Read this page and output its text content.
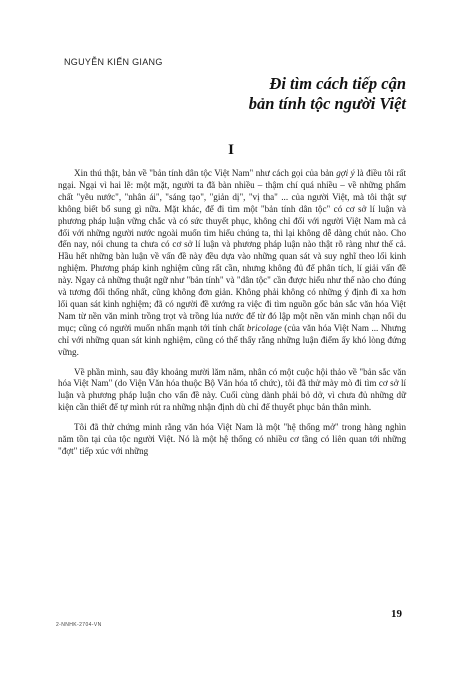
NGUYỄN KIẾN GIANG
Đi tìm cách tiếp cận
bản tính tộc người Việt
I

Xin thú thật, bản về "bản tính dân tộc Việt Nam" như cách gọi của bản gợi ý là điều tôi rất ngại. Ngại vì hai lẽ: một mặt, người ta đã bàn nhiều – thậm chí quá nhiều – về những phẩm chất "yêu nước", "nhân ái", "sáng tạo", "giản dị", "vị tha" ... của người Việt, mà tôi thật sự không biết bổ sung gì nữa. Mặt khác, để đi tìm một "bản tính dân tộc" có cơ sở lí luận và phương pháp luận vững chắc và có sức thuyết phục, không chỉ đối với người Việt Nam mà cả đối với những người nước ngoài muốn tìm hiểu chúng ta, thì lại không dễ dàng chút nào. Cho đến nay, nói chung ta chưa có cơ sở lí luận và phương pháp luận nào thật rõ ràng như thế cả. Hầu hết những bàn luận về vấn đề này đều dựa vào những quan sát và suy nghĩ theo lối kinh nghiệm. Phương pháp kinh nghiệm cũng rất cần, nhưng không đủ để phân tích, lí giải vấn đề này. Ngay cả những thuật ngữ như "bản tính" và "dân tộc" cần được hiểu như thế nào cho đúng và tương đối thống nhất, cũng không đơn giản. Không phải không có những ý định đi xa hơn lối quan sát kinh nghiệm; đã có người đề xướng ra việc đi tìm nguồn gốc bản sắc văn hóa Việt Nam từ nền văn minh trồng trọt và trồng lúa nước để từ đó lập một nền văn minh chạn nổi du mục; cũng có người muốn nhấn mạnh tới tính chất bricolage (của văn hóa Việt Nam ... Nhưng chỉ với những quan sát kinh nghiệm, cũng có thể thấy rằng những luận điểm ấy khó lòng đứng vững.

Về phần mình, sau đây khoảng mười lăm năm, nhân có một cuộc hội thảo về "bản sắc văn hóa Việt Nam" (do Viện Văn hóa thuộc Bộ Văn hóa tổ chức), tôi đã thử mày mò đi tìm cơ sở lí luận và phương pháp luận cho vấn đề này. Cuối cùng dành phải bỏ dở, vì chưa đủ những dữ kiện cần thiết để tự mình rút ra những nhận định dù chỉ để thuyết phục bản thân mình.

Tôi đã thử chứng minh rằng văn hóa Việt Nam là một "hệ thống mở" trong hàng nghìn năm tồn tại của tộc người Việt. Nó là một hệ thống có nhiều cơ tầng có liên quan tới những "đợt" tiếp xúc với những

19
2-NNHK-2704-VN
